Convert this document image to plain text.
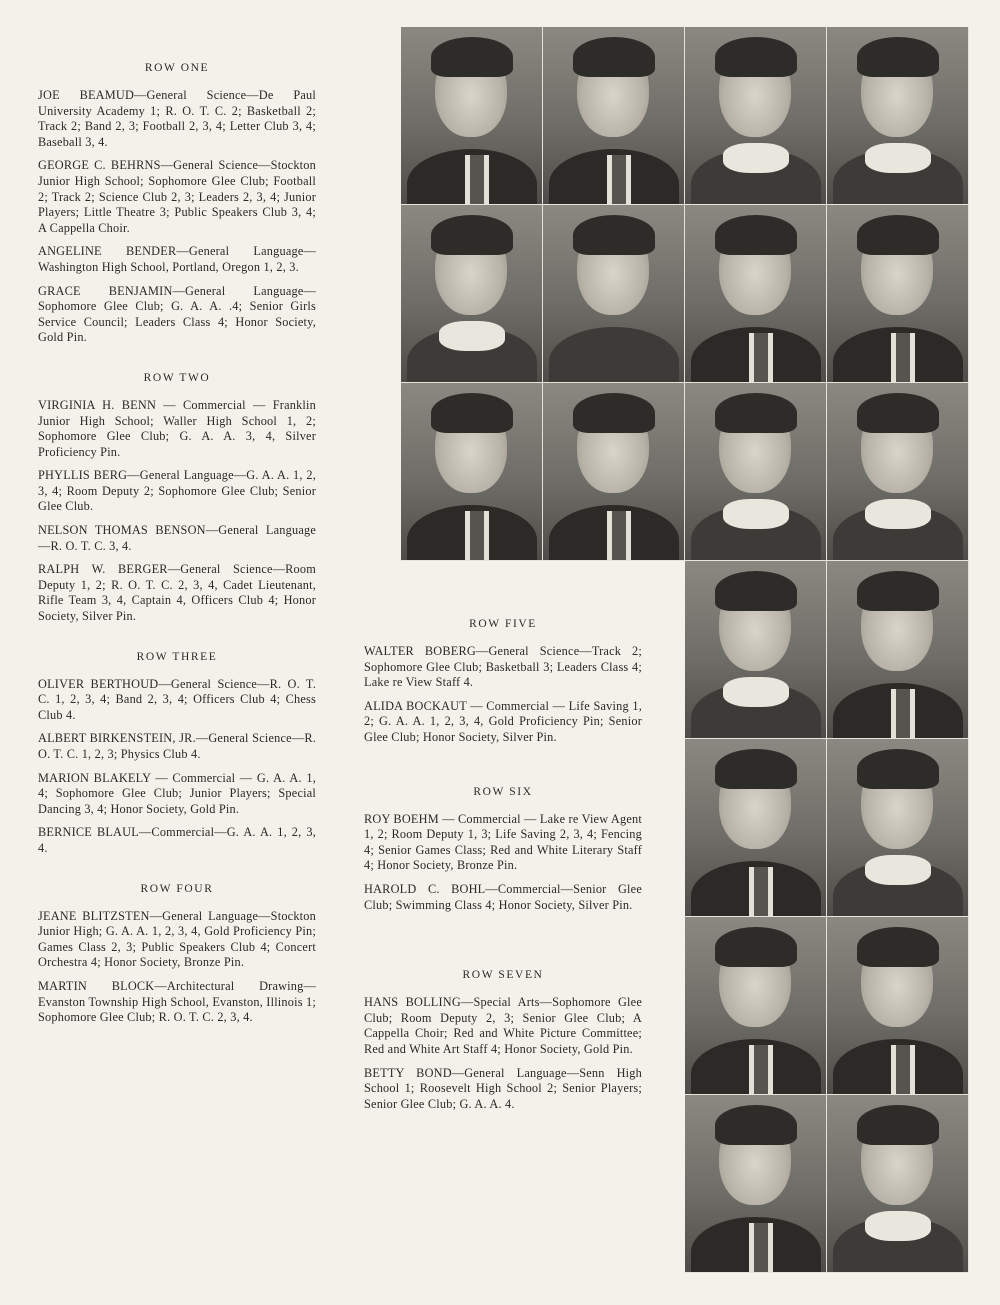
ROW ONE

JOE BEAMUD—General Science—De Paul University Academy 1; R. O. T. C. 2; Basketball 2; Track 2; Band 2, 3; Football 2, 3, 4; Letter Club 3, 4; Baseball 3, 4.

GEORGE C. BEHRNS—General Science—Stockton Junior High School; Sophomore Glee Club; Football 2; Track 2; Science Club 2, 3; Leaders 2, 3, 4; Junior Players; Little Theatre 3; Public Speakers Club 3, 4; A Cappella Choir.

ANGELINE BENDER—General Language—Washington High School, Portland, Oregon 1, 2, 3.

GRACE BENJAMIN—General Language—Sophomore Glee Club; G. A. A. .4; Senior Girls Service Council; Leaders Class 4; Honor Society, Gold Pin.

ROW TWO

VIRGINIA H. BENN — Commercial — Franklin Junior High School; Waller High School 1, 2; Sophomore Glee Club; G. A. A. 3, 4, Silver Proficiency Pin.

PHYLLIS BERG—General Language—G. A. A. 1, 2, 3, 4; Room Deputy 2; Sophomore Glee Club; Senior Glee Club.

NELSON THOMAS BENSON—General Language—R. O. T. C. 3, 4.

RALPH W. BERGER—General Science—Room Deputy 1, 2; R. O. T. C. 2, 3, 4, Cadet Lieutenant, Rifle Team 3, 4, Captain 4, Officers Club 4; Honor Society, Silver Pin.

ROW THREE

OLIVER BERTHOUD—General Science—R. O. T. C. 1, 2, 3, 4; Band 2, 3, 4; Officers Club 4; Chess Club 4.

ALBERT BIRKENSTEIN, JR.—General Science—R. O. T. C. 1, 2, 3; Physics Club 4.

MARION BLAKELY — Commercial — G. A. A. 1, 4; Sophomore Glee Club; Junior Players; Special Dancing 3, 4; Honor Society, Gold Pin.

BERNICE BLAUL—Commercial—G. A. A. 1, 2, 3, 4.

ROW FOUR

JEANE BLITZSTEN—General Language—Stockton Junior High; G. A. A. 1, 2, 3, 4, Gold Proficiency Pin; Games Class 2, 3; Public Speakers Club 4; Concert Orchestra 4; Honor Society, Bronze Pin.

MARTIN BLOCK—Architectural Drawing—Evanston Township High School, Evanston, Illinois 1; Sophomore Glee Club; R. O. T. C. 2, 3, 4.

ROW FIVE

WALTER BOBERG—General Science—Track 2; Sophomore Glee Club; Basketball 3; Leaders Class 4; Lake re View Staff 4.

ALIDA BOCKAUT — Commercial — Life Saving 1, 2; G. A. A. 1, 2, 3, 4, Gold Proficiency Pin; Senior Glee Club; Honor Society, Silver Pin.

ROW SIX

ROY BOEHM — Commercial — Lake re View Agent 1, 2; Room Deputy 1, 3; Life Saving 2, 3, 4; Fencing 4; Senior Games Class; Red and White Literary Staff 4; Honor Society, Bronze Pin.

HAROLD C. BOHL—Commercial—Senior Glee Club; Swimming Class 4; Honor Society, Silver Pin.

ROW SEVEN

HANS BOLLING—Special Arts—Sophomore Glee Club; Room Deputy 2, 3; Senior Glee Club; A Cappella Choir; Red and White Picture Committee; Red and White Art Staff 4; Honor Society, Gold Pin.

BETTY BOND—General Language—Senn High School 1; Roosevelt High School 2; Senior Players; Senior Glee Club; G. A. A. 4.
